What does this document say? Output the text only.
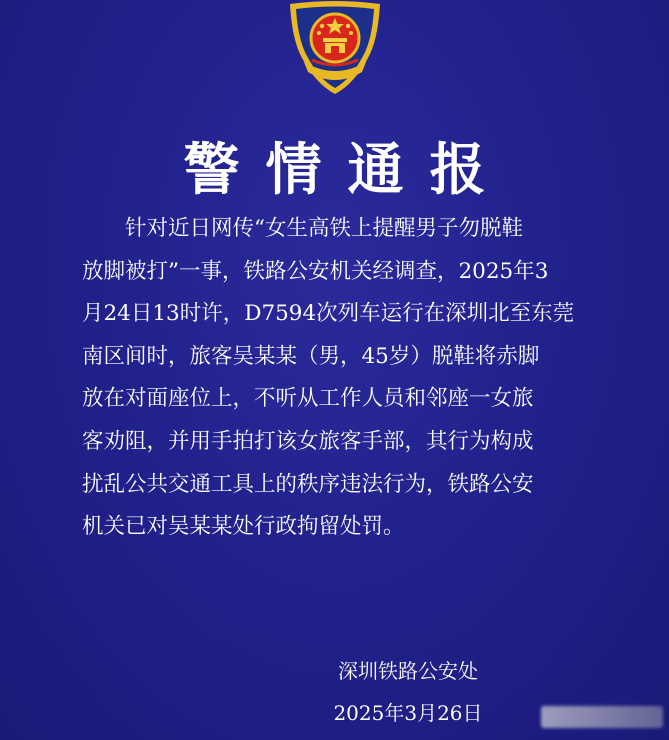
警情通报
针对近日网传“女生高铁上提醒男子勿脱鞋
放脚被打”一事，铁路公安机关经调查，2025年3
月24日13时许，D7594次列车运行在深圳北至东莞
南区间时，旅客吴某某（男，45岁）脱鞋将赤脚
放在对面座位上，不听从工作人员和邻座一女旅
客劝阻，并用手拍打该女旅客手部，其行为构成
扰乱公共交通工具上的秩序违法行为，铁路公安
机关已对吴某某处行政拘留处罚。
深圳铁路公安处
2025年3月26日
